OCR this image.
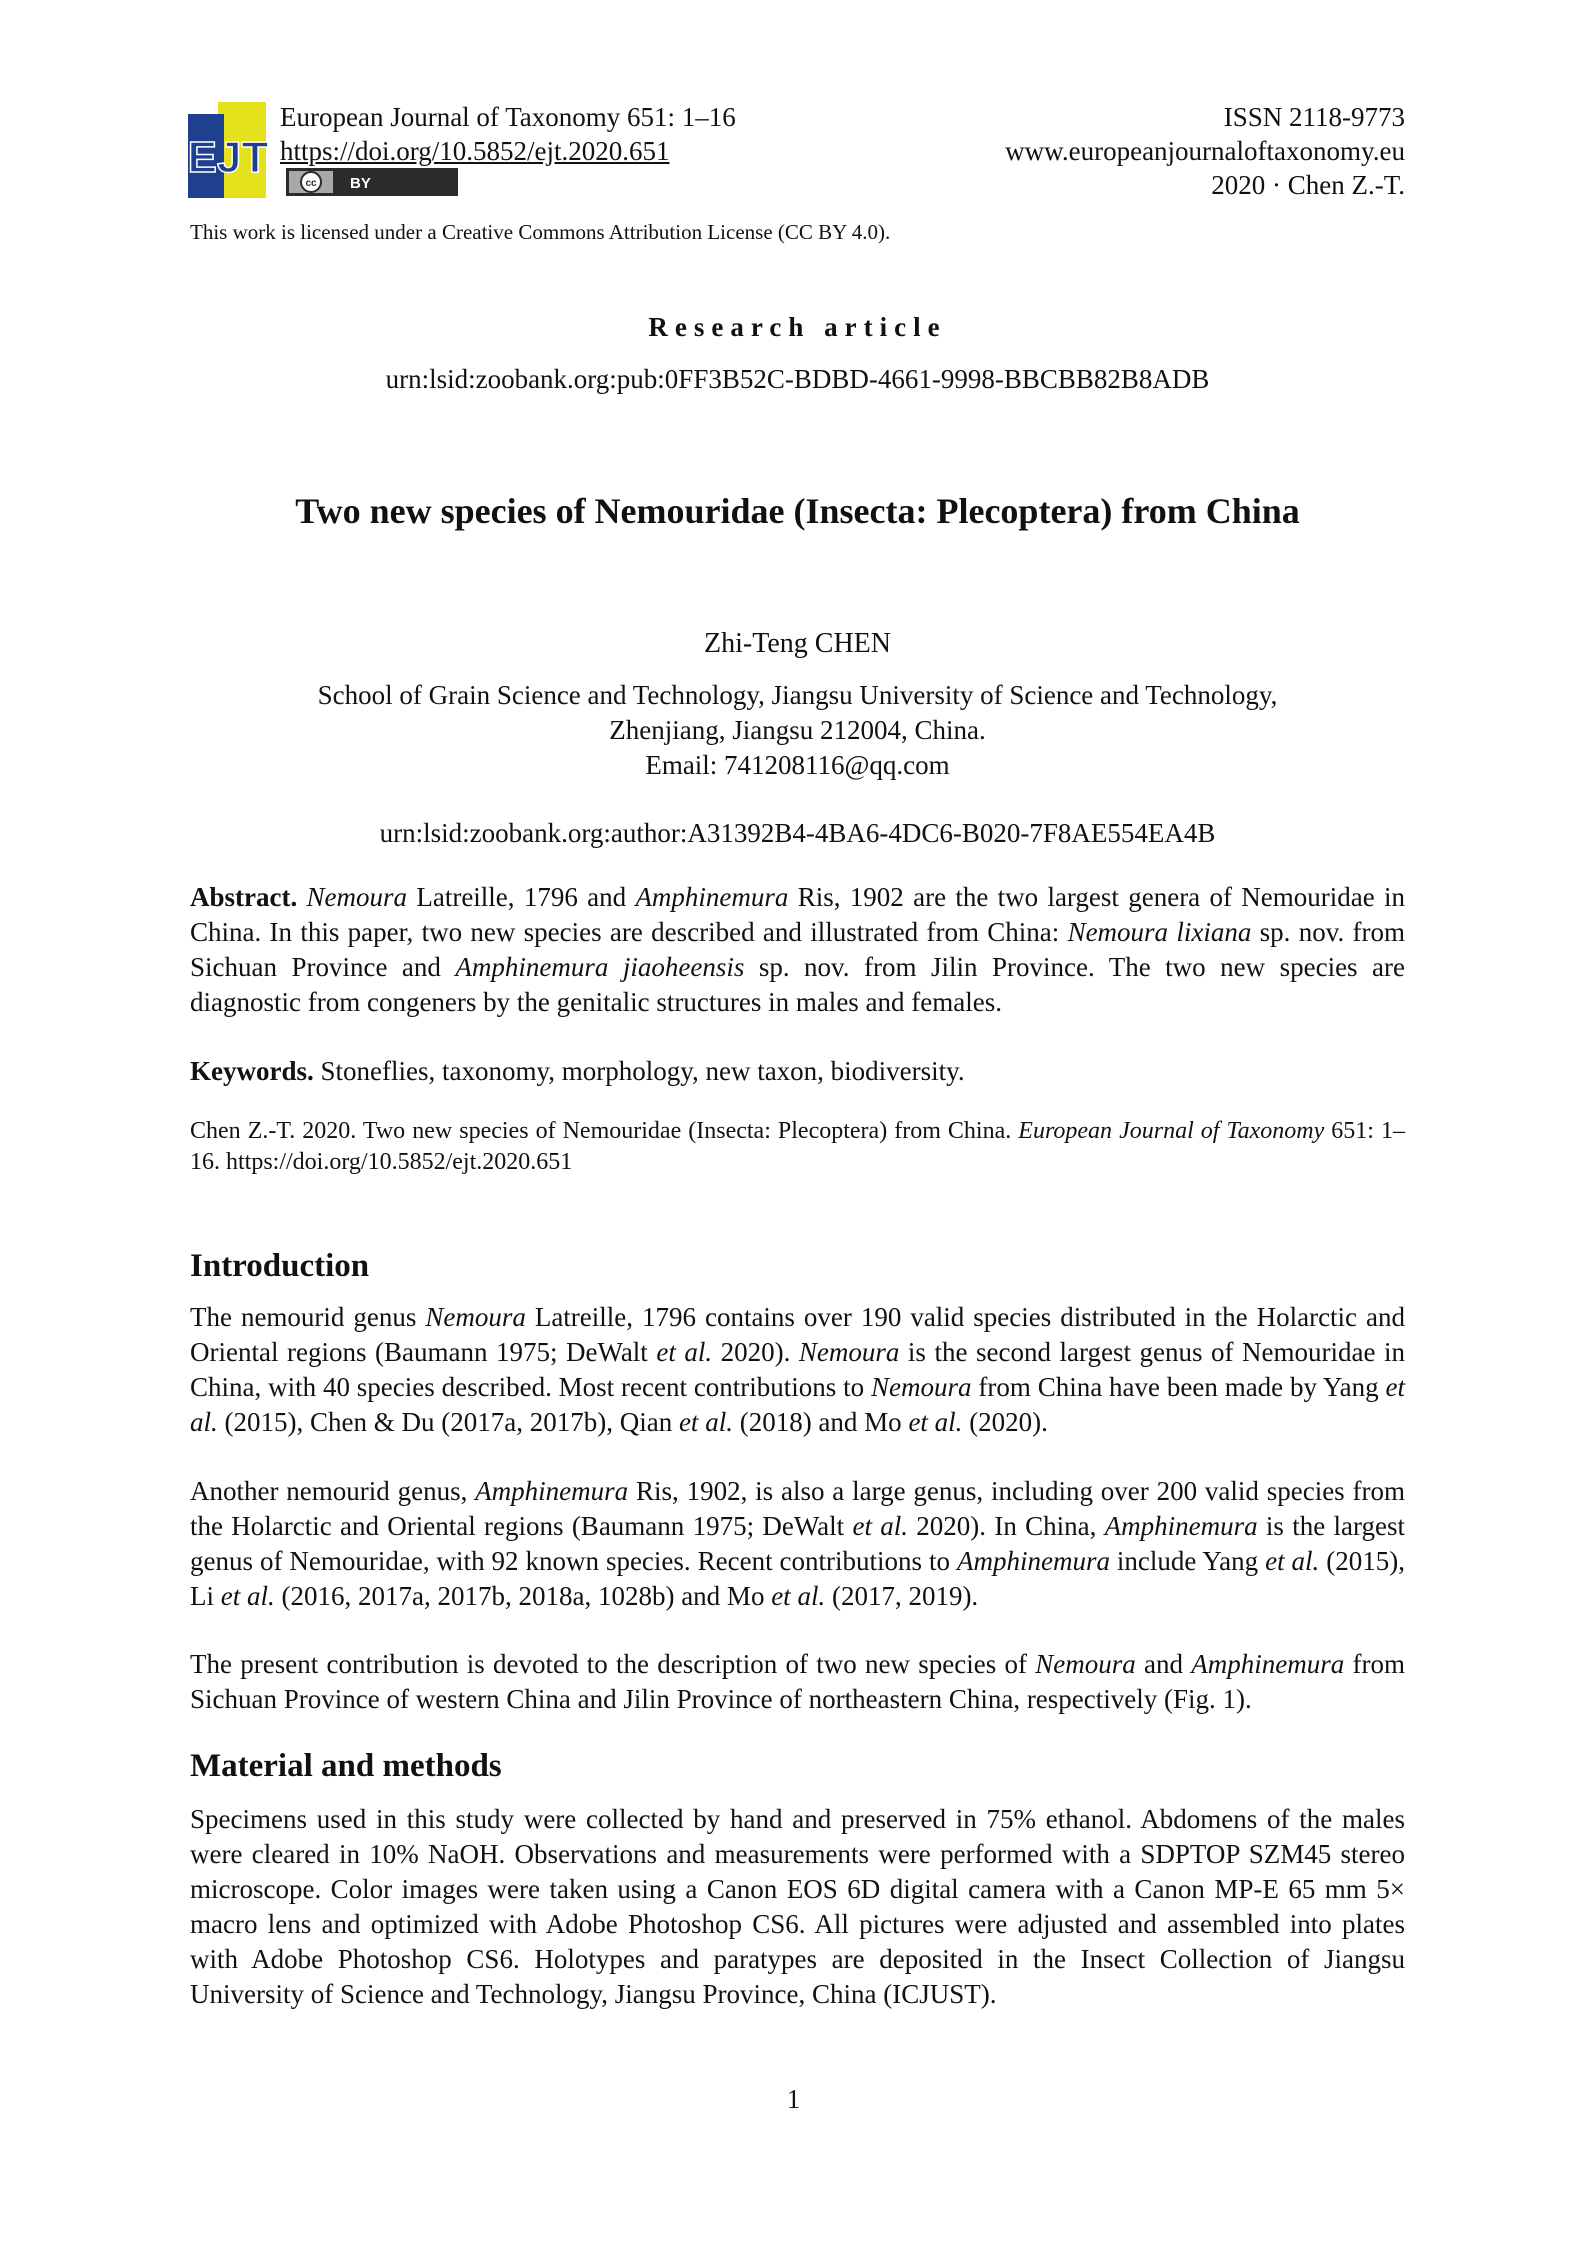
EJT
European Journal of Taxonomy 651: 1–16
https://doi.org/10.5852/ejt.2020.651
cc BY
ISSN 2118-9773
www.europeanjournaloftaxonomy.eu
2020 · Chen Z.-T.
This work is licensed under a Creative Commons Attribution License (CC BY 4.0).
Research article
urn:lsid:zoobank.org:pub:0FF3B52C-BDBD-4661-9998-BBCBB82B8ADB
Two new species of Nemouridae (Insecta: Plecoptera) from China
Zhi-Teng CHEN
School of Grain Science and Technology, Jiangsu University of Science and Technology,
Zhenjiang, Jiangsu 212004, China.
Email: 741208116@qq.com
urn:lsid:zoobank.org:author:A31392B4-4BA6-4DC6-B020-7F8AE554EA4B
Abstract. Nemoura Latreille, 1796 and Amphinemura Ris, 1902 are the two largest genera of Nemouridae in China. In this paper, two new species are described and illustrated from China: Nemoura lixiana sp. nov. from Sichuan Province and Amphinemura jiaoheensis sp. nov. from Jilin Province. The two new species are diagnostic from congeners by the genitalic structures in males and females.
Keywords. Stoneflies, taxonomy, morphology, new taxon, biodiversity.
Chen Z.-T. 2020. Two new species of Nemouridae (Insecta: Plecoptera) from China. European Journal of Taxonomy 651: 1–16. https://doi.org/10.5852/ejt.2020.651
Introduction
The nemourid genus Nemoura Latreille, 1796 contains over 190 valid species distributed in the Holarctic and Oriental regions (Baumann 1975; DeWalt et al. 2020). Nemoura is the second largest genus of Nemouridae in China, with 40 species described. Most recent contributions to Nemoura from China have been made by Yang et al. (2015), Chen & Du (2017a, 2017b), Qian et al. (2018) and Mo et al. (2020).
Another nemourid genus, Amphinemura Ris, 1902, is also a large genus, including over 200 valid species from the Holarctic and Oriental regions (Baumann 1975; DeWalt et al. 2020). In China, Amphinemura is the largest genus of Nemouridae, with 92 known species. Recent contributions to Amphinemura include Yang et al. (2015), Li et al. (2016, 2017a, 2017b, 2018a, 1028b) and Mo et al. (2017, 2019).
The present contribution is devoted to the description of two new species of Nemoura and Amphinemura from Sichuan Province of western China and Jilin Province of northeastern China, respectively (Fig. 1).
Material and methods
Specimens used in this study were collected by hand and preserved in 75% ethanol. Abdomens of the males were cleared in 10% NaOH. Observations and measurements were performed with a SDPTOP SZM45 stereo microscope. Color images were taken using a Canon EOS 6D digital camera with a Canon MP-E 65 mm 5× macro lens and optimized with Adobe Photoshop CS6. All pictures were adjusted and assembled into plates with Adobe Photoshop CS6. Holotypes and paratypes are deposited in the Insect Collection of Jiangsu University of Science and Technology, Jiangsu Province, China (ICJUST).
1
